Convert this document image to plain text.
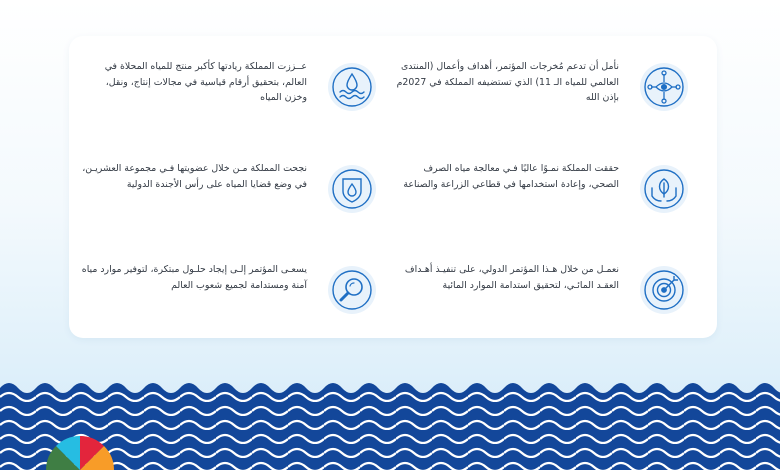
نأمل أن تدعم مُخرجات المؤتمر، أهداف وأعمال (المنتدى العالمي للمياه الـ 11) الذي تستضيفه المملكة في 2027م بإذن الله
حققت المملكة نمـوًا عاليًا فـي معالجة مياه الصرف الصحي، وإعادة استخدامها في قطاعي الزراعة والصناعة
نعمـل من خلال هـذا المؤتمر الدولي، على تنفيـذ أهـداف العقـد المائـي، لتحقيق استدامة الموارد المائية
عــززت المملكة ريادتها كأكبر منتج للمياه المحلاة في العالم، بتحقيق أرقام قياسية في مجالات إنتاج، ونقل، وخزن المياه
نجحت المملكة مـن خلال عضويتها فـي مجموعة العشريـن، في وضع قضايا المياه على رأس الأجندة الدولية
يسعـى المؤتمر إلـى إيجاد حلـول مبتكرة، لتوفير موارد مياه آمنة ومستدامة لجميع شعوب العالم
